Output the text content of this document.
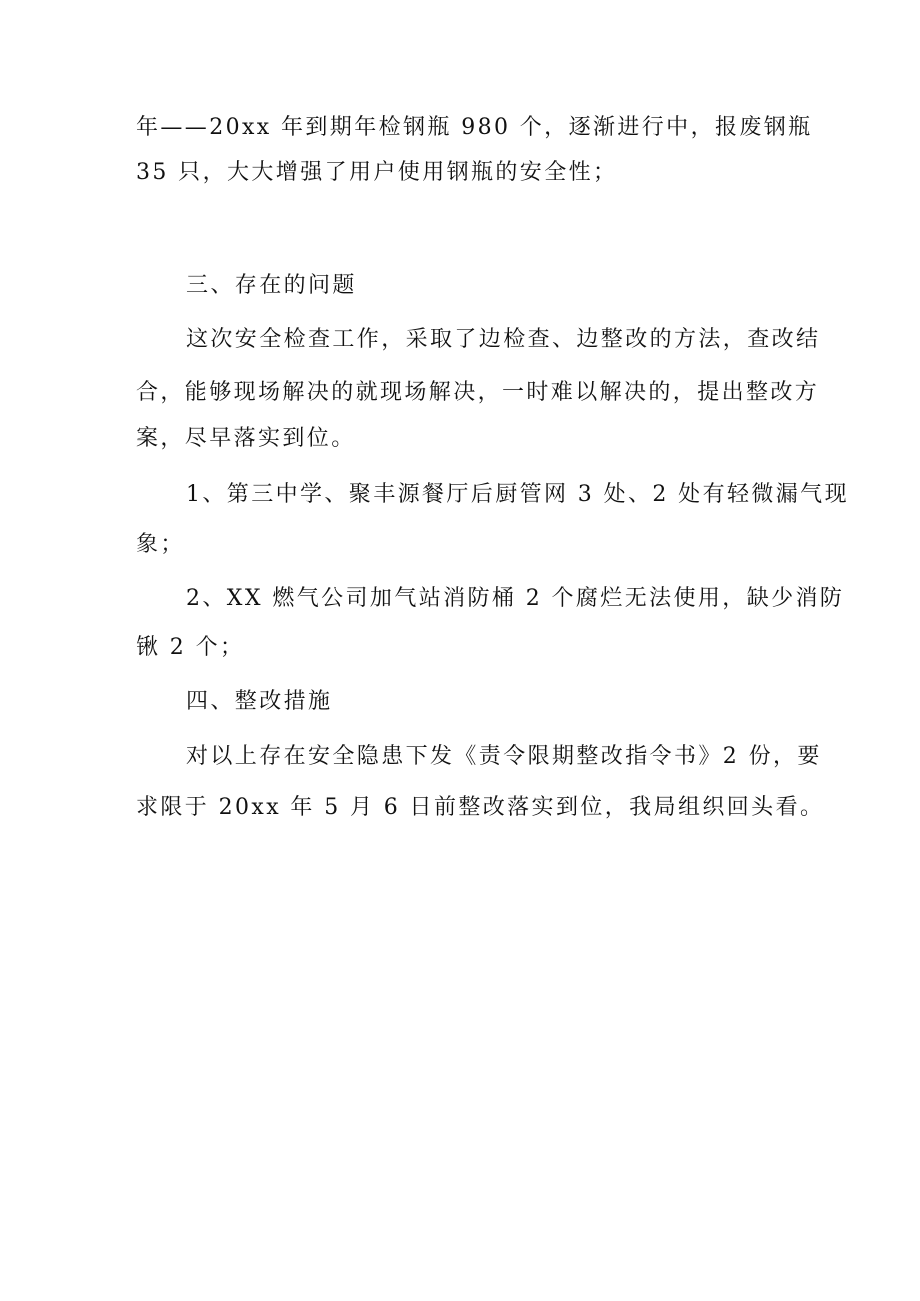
年——20xx 年到期年检钢瓶 980 个，逐渐进行中，报废钢瓶
35 只，大大增强了用户使用钢瓶的安全性；
三、存在的问题
这次安全检查工作，采取了边检查、边整改的方法，查改结
合，能够现场解决的就现场解决，一时难以解决的，提出整改方
案，尽早落实到位。
1、第三中学、聚丰源餐厅后厨管网 3 处、2 处有轻微漏气现
象；
2、XX 燃气公司加气站消防桶 2 个腐烂无法使用，缺少消防
锹 2 个；
四、整改措施
对以上存在安全隐患下发《责令限期整改指令书》2 份，要
求限于 20xx 年 5 月 6 日前整改落实到位，我局组织回头看。
